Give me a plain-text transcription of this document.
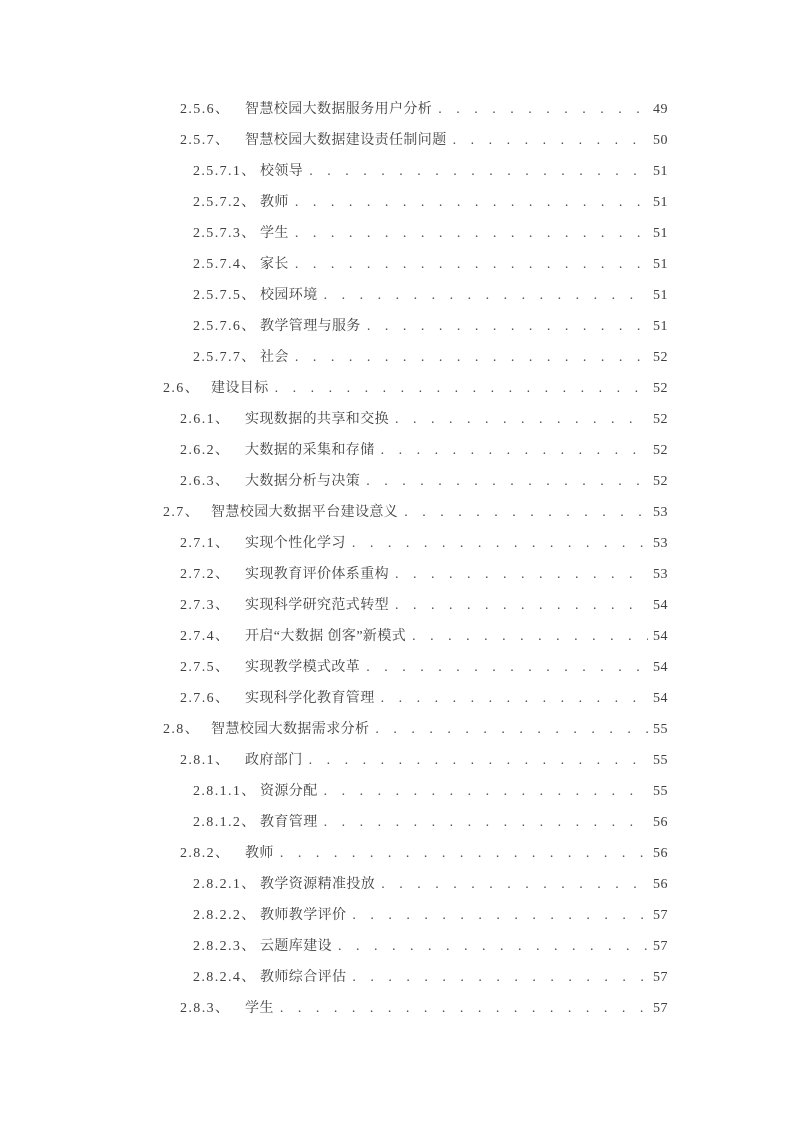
2.5.6、	智慧校园大数据服务用户分析 . . .	49
2.5.7、	智慧校园大数据建设责任制问题 . . .	50
2.5.7.1、 校领导 . . .	51
2.5.7.2、 教师 . . .	51
2.5.7.3、 学生 . . .	51
2.5.7.4、 家长 . . .	51
2.5.7.5、 校园环境 . . .	51
2.5.7.6、 教学管理与服务 . . .	51
2.5.7.7、 社会 . . .	52
2.6、 建设目标 . . .	52
2.6.1、	实现数据的共享和交换 . . .	52
2.6.2、	大数据的采集和存储 . . .	52
2.6.3、	大数据分析与决策 . . .	52
2.7、 智慧校园大数据平台建设意义 . . .	53
2.7.1、	实现个性化学习 . . .	53
2.7.2、	实现教育评价体系重构 . . .	53
2.7.3、	实现科学研究范式转型 . . .	54
2.7.4、	开启“大数据 创客”新模式 . . .	54
2.7.5、	实现教学模式改革 . . .	54
2.7.6、	实现科学化教育管理 . . .	54
2.8、 智慧校园大数据需求分析 . . .	55
2.8.1、	政府部门 . . .	55
2.8.1.1、 资源分配 . . .	55
2.8.1.2、 教育管理 . . .	56
2.8.2、	教师 . . .	56
2.8.2.1、 教学资源精准投放 . . .	56
2.8.2.2、 教师教学评价 . . .	57
2.8.2.3、 云题库建设 . . .	57
2.8.2.4、 教师综合评估 . . .	57
2.8.3、	学生 . . .	57
